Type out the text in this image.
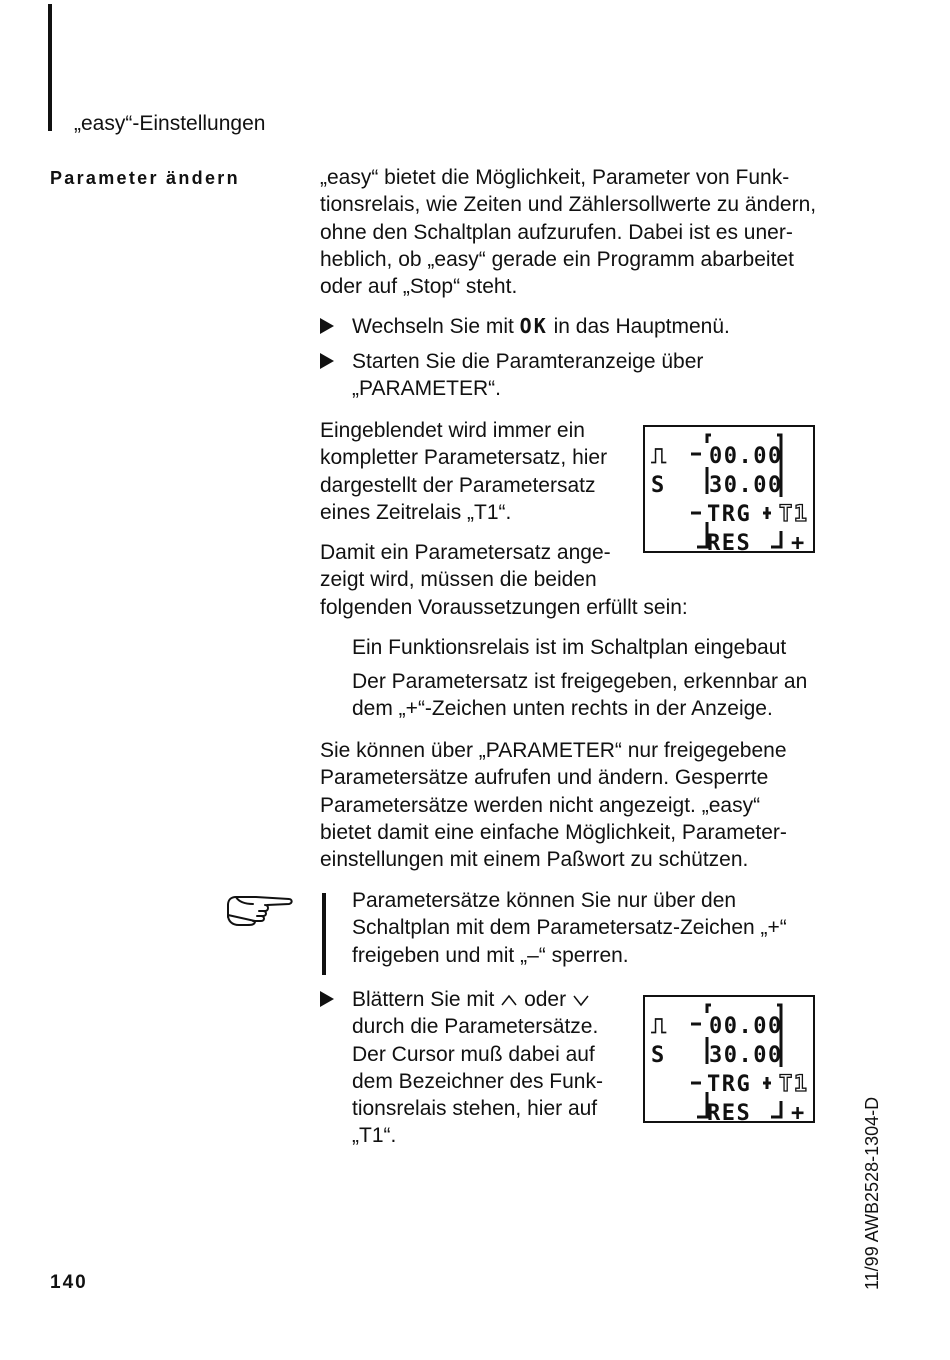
„easy“-Einstellungen
Parameter ändern	„easy“ bietet die Möglichkeit, Parameter von Funk-
tionsrelais, wie Zeiten und Zählersollwerte zu ändern,
ohne den Schaltplan aufzurufen. Dabei ist es uner-
heblich, ob „easy“ gerade ein Programm abarbeitet
oder auf „Stop“ steht.

Wechseln Sie mit OK in das Hauptmenü.
Starten Sie die Paramteranzeige über
„PARAMETER“.

Eingeblendet wird immer ein
kompletter Parametersatz, hier
dargestellt der Parametersatz
eines Zeitrelais „T1“.

⎍ 00.00
S 30.00
TRG T1
RES +

Damit ein Parametersatz ange-
zeigt wird, müssen die beiden
folgenden Voraussetzungen erfüllt sein:

Ein Funktionsrelais ist im Schaltplan eingebaut

Der Parametersatz ist freigegeben, erkennbar an
dem „+“-Zeichen unten rechts in der Anzeige.

Sie können über „PARAMETER“ nur freigegebene
Parametersätze aufrufen und ändern. Gesperrte
Parametersätze werden nicht angezeigt. „easy“
bietet damit eine einfache Möglichkeit, Parameter-
einstellungen mit einem Paßwort zu schützen.

Parametersätze können Sie nur über den
Schaltplan mit dem Parametersatz-Zeichen „+“
freigeben und mit „–“ sperren.

Blättern Sie mit  oder
durch die Parametersätze.
Der Cursor muß dabei auf
dem Bezeichner des Funk-
tionsrelais stehen, hier auf
„T1“.
⎍ 00.00
S 30.00
TRG T1
RES +
140	11/99 AWB2528-1304-D
